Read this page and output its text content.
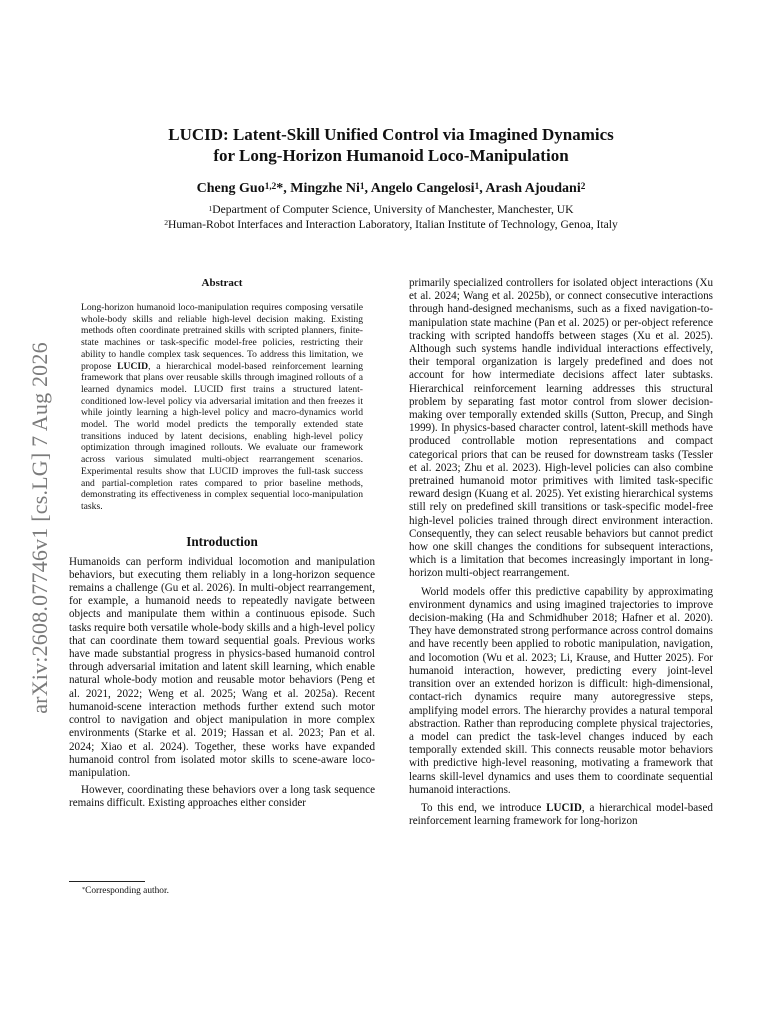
arXiv:2608.07746v1 [cs.LG] 7 Aug 2026
LUCID: Latent-Skill Unified Control via Imagined Dynamics
for Long-Horizon Humanoid Loco-Manipulation
Cheng Guo$^{1,2}$*, Mingzhe Ni$^1$, Angelo Cangelosi$^1$, Arash Ajoudani$^2$
$^1$Department of Computer Science, University of Manchester, Manchester, UK
$^2$Human-Robot Interfaces and Interaction Laboratory, Italian Institute of Technology, Genoa, Italy
Abstract

Long-horizon humanoid loco-manipulation requires composing versatile whole-body skills and reliable high-level decision making. Existing methods often coordinate pretrained skills with scripted planners, finite-state machines or task-specific model-free policies, restricting their ability to handle complex task sequences. To address this limitation, we propose LUCID, a hierarchical model-based reinforcement learning framework that plans over reusable skills through imagined rollouts of a learned dynamics model. LUCID first trains a structured latent-conditioned low-level policy via adversarial imitation and then freezes it while jointly learning a high-level policy and macro-dynamics world model. The world model predicts the temporally extended state transitions induced by latent decisions, enabling high-level policy optimization through imagined rollouts. We evaluate our framework across various simulated multi-object rearrangement scenarios. Experimental results show that LUCID improves the full-task success and partial-completion rates compared to prior baseline methods, demonstrating its effectiveness in complex sequential loco-manipulation tasks.

Introduction

Humanoids can perform individual locomotion and manipulation behaviors, but executing them reliably in a long-horizon sequence remains a challenge (Gu et al. 2026). In multi-object rearrangement, for example, a humanoid needs to repeatedly navigate between objects and manipulate them within a continuous episode. Such tasks require both versatile whole-body skills and a high-level policy that can coordinate them toward sequential goals. Previous works have made substantial progress in physics-based humanoid control through adversarial imitation and latent skill learning, which enable natural whole-body motion and reusable motor behaviors (Peng et al. 2021, 2022; Weng et al. 2025; Wang et al. 2025a). Recent humanoid-scene interaction methods further extend such motor control to navigation and object manipulation in more complex environments (Starke et al. 2019; Hassan et al. 2023; Pan et al. 2024; Xiao et al. 2024). Together, these works have expanded humanoid control from isolated motor skills to scene-aware loco-manipulation.

However, coordinating these behaviors over a long task sequence remains difficult. Existing approaches either consider

*Corresponding author.

primarily specialized controllers for isolated object interactions (Xu et al. 2024; Wang et al. 2025b), or connect consecutive interactions through hand-designed mechanisms, such as a fixed navigation-to-manipulation state machine (Pan et al. 2025) or per-object reference tracking with scripted handoffs between stages (Xu et al. 2025). Although such systems handle individual interactions effectively, their temporal organization is largely predefined and does not account for how intermediate decisions affect later subtasks. Hierarchical reinforcement learning addresses this structural problem by separating fast motor control from slower decision-making over temporally extended skills (Sutton, Precup, and Singh 1999). In physics-based character control, latent-skill methods have produced controllable motion representations and compact categorical priors that can be reused for downstream tasks (Tessler et al. 2023; Zhu et al. 2023). High-level policies can also combine pretrained humanoid motor primitives with limited task-specific reward design (Kuang et al. 2025). Yet existing hierarchical systems still rely on predefined skill transitions or task-specific model-free high-level policies trained through direct environment interaction. Consequently, they can select reusable behaviors but cannot predict how one skill changes the conditions for subsequent interactions, which is a limitation that becomes increasingly important in long-horizon multi-object rearrangement.

World models offer this predictive capability by approximating environment dynamics and using imagined trajectories to improve decision-making (Ha and Schmidhuber 2018; Hafner et al. 2020). They have demonstrated strong performance across control domains and have recently been applied to robotic manipulation, navigation, and locomotion (Wu et al. 2023; Li, Krause, and Hutter 2025). For humanoid interaction, however, predicting every joint-level transition over an extended horizon is difficult: high-dimensional, contact-rich dynamics require many autoregressive steps, amplifying model errors. The hierarchy provides a natural temporal abstraction. Rather than reproducing complete physical trajectories, a model can predict the task-level changes induced by each temporally extended skill. This connects reusable motor behaviors with predictive high-level reasoning, motivating a framework that learns skill-level dynamics and uses them to coordinate sequential humanoid interactions.

To this end, we introduce LUCID, a hierarchical model-based reinforcement learning framework for long-horizon
